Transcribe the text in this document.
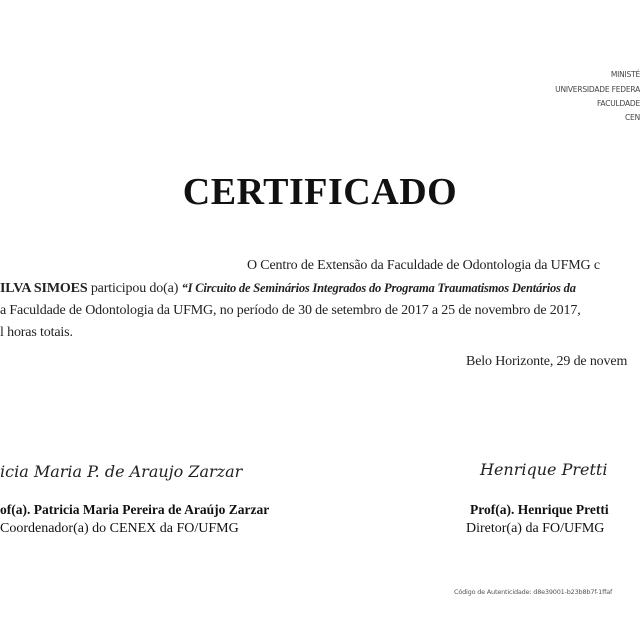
MINISTÉ
UNIVERSIDADE FEDERA
FACULDADE
CEN
CERTIFICADO
O Centro de Extensão da Faculdade de Odontologia da UFMG c
ILVA SIMOES participou do(a) “I Circuito de Seminários Integrados do Programa Traumatismos Dentários da
a Faculdade de Odontologia da UFMG, no período de 30 de setembro de 2017 a 25 de novembro de 2017,
l horas totais.
Belo Horizonte, 29 de novem
icia Maria P. de Araujo Zarzar
of(a). Patricia Maria Pereira de Araújo Zarzar
Coordenador(a) do CENEX da FO/UFMG
Henrique Pretti
Prof(a). Henrique Pretti
Diretor(a) da FO/UFMG
Código de Autenticidade: d8e39001-b23b8b7f-1ffaf
